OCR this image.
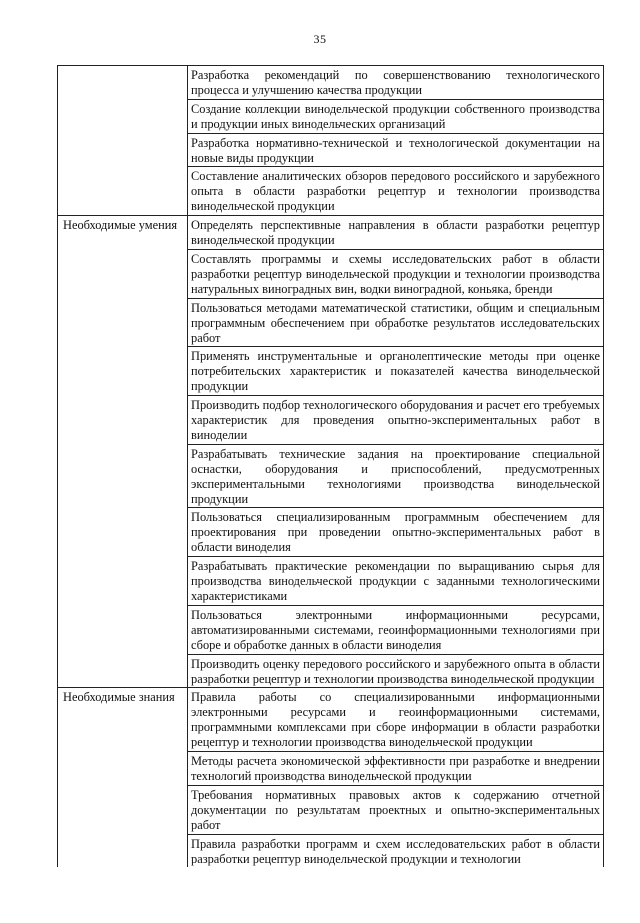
35
	Разработка рекомендаций по совершенствованию технологического процесса и улучшению качества продукции
	Создание коллекции винодельческой продукции собственного производства и продукции иных винодельческих организаций
	Разработка нормативно-технической и технологической документации на новые виды продукции
	Составление аналитических обзоров передового российского и зарубежного опыта в области разработки рецептур и технологии производства винодельческой продукции
Необходимые умения	Определять перспективные направления в области разработки рецептур винодельческой продукции
	Составлять программы и схемы исследовательских работ в области разработки рецептур винодельческой продукции и технологии производства натуральных виноградных вин, водки виноградной, коньяка, бренди
	Пользоваться методами математической статистики, общим и специальным программным обеспечением при обработке результатов исследовательских работ
	Применять инструментальные и органолептические методы при оценке потребительских характеристик и показателей качества винодельческой продукции
	Производить подбор технологического оборудования и расчет его требуемых характеристик для проведения опытно-экспериментальных работ в виноделии
	Разрабатывать технические задания на проектирование специальной оснастки, оборудования и приспособлений, предусмотренных экспериментальными технологиями производства винодельческой продукции
	Пользоваться специализированным программным обеспечением для проектирования при проведении опытно-экспериментальных работ в области виноделия
	Разрабатывать практические рекомендации по выращиванию сырья для производства винодельческой продукции с заданными технологическими характеристиками
	Пользоваться электронными информационными ресурсами, автоматизированными системами, геоинформационными технологиями при сборе и обработке данных в области виноделия
	Производить оценку передового российского и зарубежного опыта в области разработки рецептур и технологии производства винодельческой продукции
Необходимые знания	Правила работы со специализированными информационными электронными ресурсами и геоинформационными системами, программными комплексами при сборе информации в области разработки рецептур и технологии производства винодельческой продукции
	Методы расчета экономической эффективности при разработке и внедрении технологий производства винодельческой продукции
	Требования нормативных правовых актов к содержанию отчетной документации по результатам проектных и опытно-экспериментальных работ
	Правила разработки программ и схем исследовательских работ в области разработки рецептур винодельческой продукции и технологии
